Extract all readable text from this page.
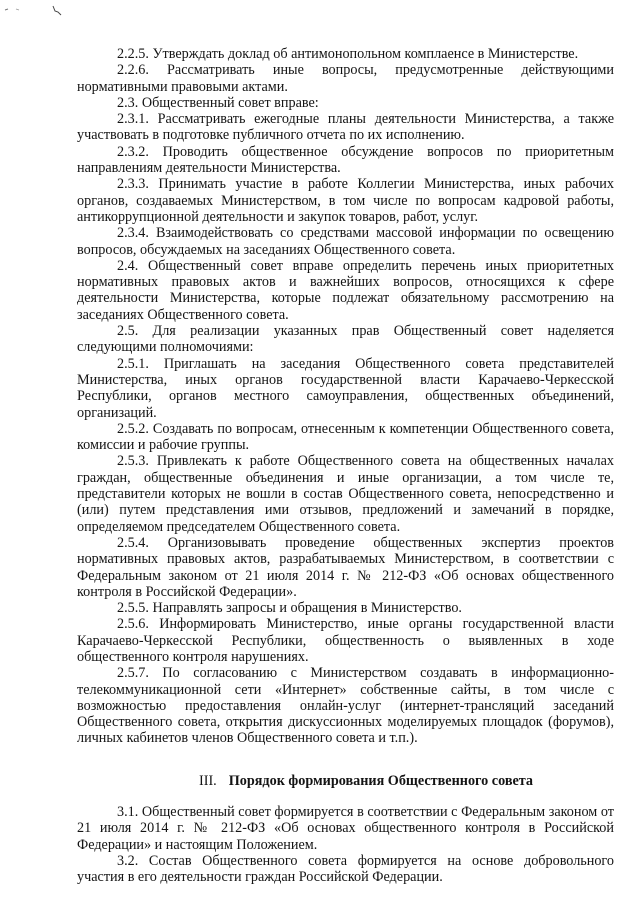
2.2.5. Утверждать доклад об антимонопольном комплаенсе в Министерстве.

2.2.6. Рассматривать иные вопросы, предусмотренные действующими нормативными правовыми актами.

2.3. Общественный совет вправе:

2.3.1. Рассматривать ежегодные планы деятельности Министерства, а также участвовать в подготовке публичного отчета по их исполнению.

2.3.2. Проводить общественное обсуждение вопросов по приоритетным направлениям деятельности Министерства.

2.3.3. Принимать участие в работе Коллегии Министерства, иных рабочих органов, создаваемых Министерством, в том числе по вопросам кадровой работы, антикоррупционной деятельности и закупок товаров, работ, услуг.

2.3.4. Взаимодействовать со средствами массовой информации по освещению вопросов, обсуждаемых на заседаниях Общественного совета.

2.4. Общественный совет вправе определить перечень иных приоритетных нормативных правовых актов и важнейших вопросов, относящихся к сфере деятельности Министерства, которые подлежат обязательному рассмотрению на заседаниях Общественного совета.

2.5. Для реализации указанных прав Общественный совет наделяется следующими полномочиями:

2.5.1. Приглашать на заседания Общественного совета представителей Министерства, иных органов государственной власти Карачаево-Черкесской Республики, органов местного самоуправления, общественных объединений, организаций.

2.5.2. Создавать по вопросам, отнесенным к компетенции Общественного совета, комиссии и рабочие группы.

2.5.3. Привлекать к работе Общественного совета на общественных началах граждан, общественные объединения и иные организации, а том числе те, представители которых не вошли в состав Общественного совета, непосредственно и (или) путем представления ими отзывов, предложений и замечаний в порядке, определяемом председателем Общественного совета.

2.5.4. Организовывать проведение общественных экспертиз проектов нормативных правовых актов, разрабатываемых Министерством, в соответствии с Федеральным законом от 21 июля 2014 г. № 212-ФЗ «Об основах общественного контроля в Российской Федерации».

2.5.5. Направлять запросы и обращения в Министерство.

2.5.6. Информировать Министерство, иные органы государственной власти Карачаево-Черкесской Республики, общественность о выявленных в ходе общественного контроля нарушениях.

2.5.7. По согласованию с Министерством создавать в информационно-телекоммуникационной сети «Интернет» собственные сайты, в том числе с возможностью предоставления онлайн-услуг (интернет-трансляций заседаний Общественного совета, открытия дискуссионных моделируемых площадок (форумов), личных кабинетов членов Общественного совета и т.п.).

III. Порядок формирования Общественного совета

3.1. Общественный совет формируется в соответствии с Федеральным законом от 21 июля 2014 г. № 212-ФЗ «Об основах общественного контроля в Российской Федерации» и настоящим Положением.

3.2. Состав Общественного совета формируется на основе добровольного участия в его деятельности граждан Российской Федерации.
